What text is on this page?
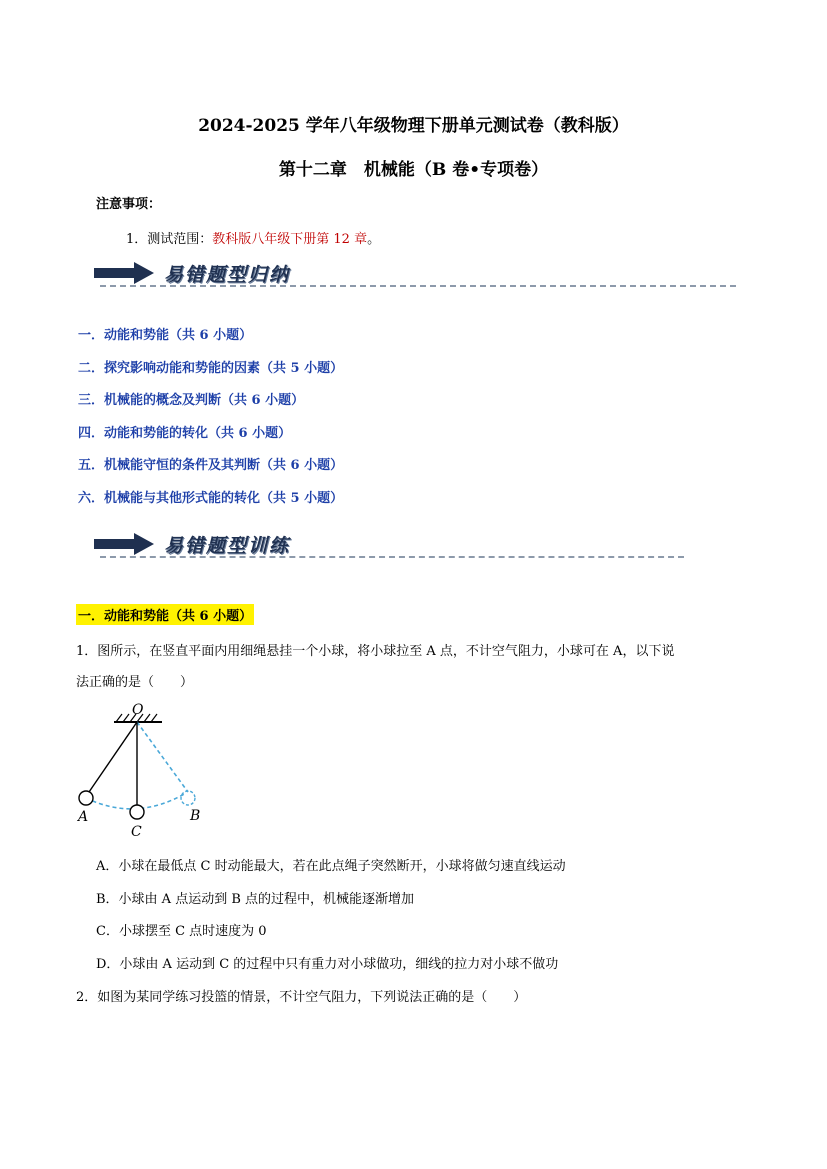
2024-2025 学年八年级物理下册单元测试卷（教科版）
第十二章　机械能（B 卷•专项卷）
注意事项：
1．测试范围：教科版八年级下册第 12 章。
易错题型归纳
一．动能和势能（共 6 小题）
二．探究影响动能和势能的因素（共 5 小题）
三．机械能的概念及判断（共 6 小题）
四．动能和势能的转化（共 6 小题）
五．机械能守恒的条件及其判断（共 6 小题）
六．机械能与其他形式能的转化（共 5 小题）
易错题型训练
一．动能和势能（共 6 小题）
1．图所示，在竖直平面内用细绳悬挂一个小球，将小球拉至 A 点，不计空气阻力，小球可在 A，以下说
法正确的是（　　）
O
A
C
B
A．小球在最低点 C 时动能最大，若在此点绳子突然断开，小球将做匀速直线运动
B．小球由 A 点运动到 B 点的过程中，机械能逐渐增加
C．小球摆至 C 点时速度为 0
D．小球由 A 运动到 C 的过程中只有重力对小球做功，细线的拉力对小球不做功
2．如图为某同学练习投篮的情景，不计空气阻力，下列说法正确的是（　　）
